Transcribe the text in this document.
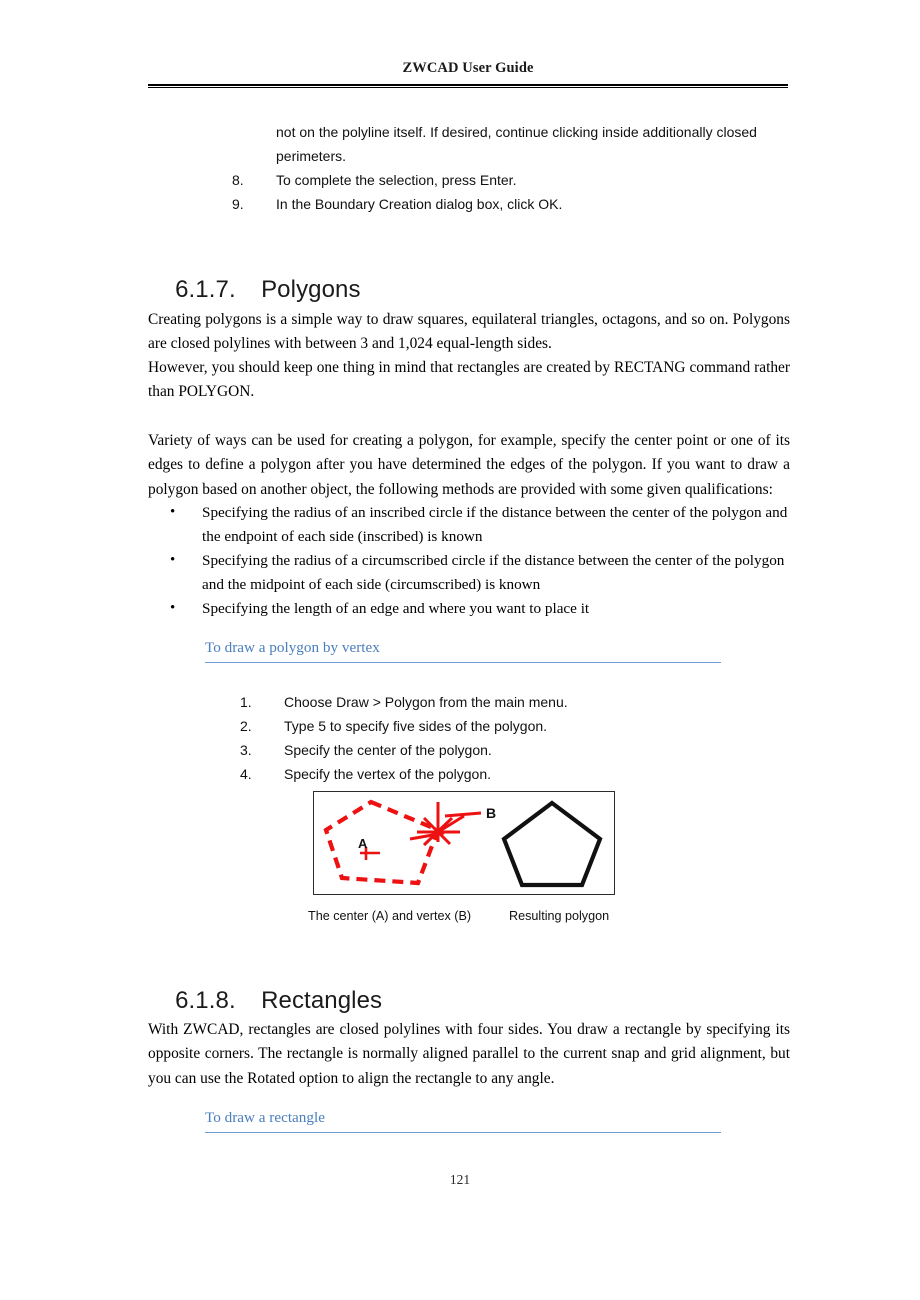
ZWCAD User Guide
not on the polyline itself. If desired, continue clicking inside additionally closed perimeters.
8.	To complete the selection, press Enter.
9.	In the Boundary Creation dialog box, click OK.

6.1.7. Polygons

Creating polygons is a simple way to draw squares, equilateral triangles, octagons, and so on. Polygons are closed polylines with between 3 and 1,024 equal-length sides.
However, you should keep one thing in mind that rectangles are created by RECTANG command rather than POLYGON.
Variety of ways can be used for creating a polygon, for example, specify the center point or one of its edges to define a polygon after you have determined the edges of the polygon. If you want to draw a polygon based on another object, the following methods are provided with some given qualifications:
• Specifying the radius of an inscribed circle if the distance between the center of the polygon and the endpoint of each side (inscribed) is known
• Specifying the radius of a circumscribed circle if the distance between the center of the polygon and the midpoint of each side (circumscribed) is known
• Specifying the length of an edge and where you want to place it
To draw a polygon by vertex
1.	Choose Draw > Polygon from the main menu.
2.	Type 5 to specify five sides of the polygon.
3.	Specify the center of the polygon.
4.	Specify the vertex of the polygon.
A
B
The center (A) and vertex (B)	Resulting polygon

6.1.8. Rectangles

With ZWCAD, rectangles are closed polylines with four sides. You draw a rectangle by specifying its opposite corners. The rectangle is normally aligned parallel to the current snap and grid alignment, but you can use the Rotated option to align the rectangle to any angle.
To draw a rectangle
121
